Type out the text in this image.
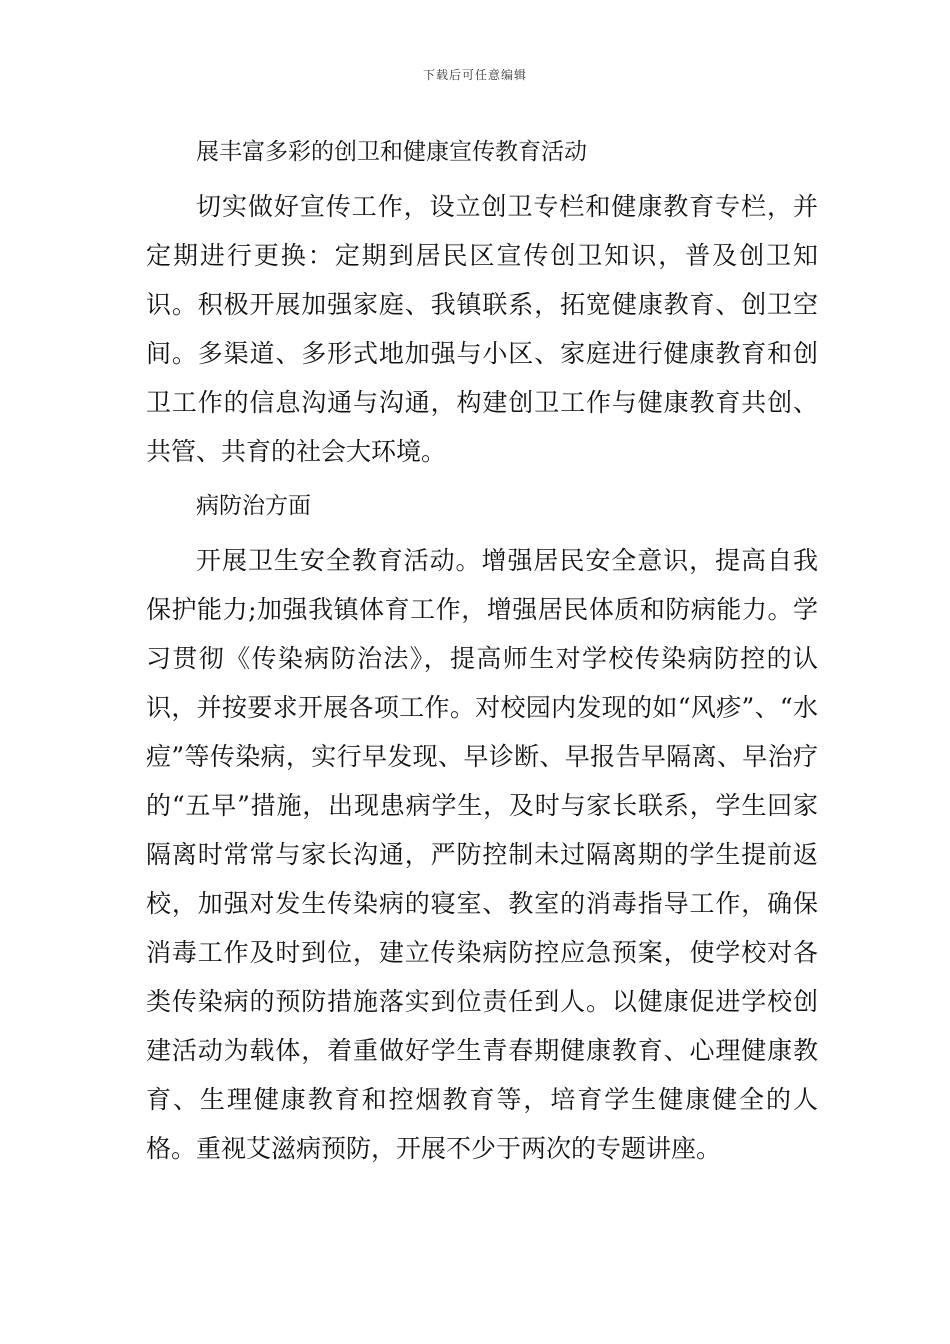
下载后可任意编辑

展丰富多彩的创卫和健康宣传教育活动

切实做好宣传工作，设立创卫专栏和健康教育专栏，并定期进行更换：定期到居民区宣传创卫知识，普及创卫知识。积极开展加强家庭、我镇联系，拓宽健康教育、创卫空间。多渠道、多形式地加强与小区、家庭进行健康教育和创卫工作的信息沟通与沟通，构建创卫工作与健康教育共创、共管、共育的社会大环境。

病防治方面

开展卫生安全教育活动。增强居民安全意识，提高自我保护能力;加强我镇体育工作，增强居民体质和防病能力。学习贯彻《传染病防治法》，提高师生对学校传染病防控的认识，并按要求开展各项工作。对校园内发现的如“风疹”、“水痘”等传染病，实行早发现、早诊断、早报告早隔离、早治疗的“五早”措施，出现患病学生，及时与家长联系，学生回家隔离时常常与家长沟通，严防控制未过隔离期的学生提前返校，加强对发生传染病的寝室、教室的消毒指导工作，确保消毒工作及时到位，建立传染病防控应急预案，使学校对各类传染病的预防措施落实到位责任到人。以健康促进学校创建活动为载体，着重做好学生青春期健康教育、心理健康教育、生理健康教育和控烟教育等，培育学生健康健全的人格。重视艾滋病预防，开展不少于两次的专题讲座。
